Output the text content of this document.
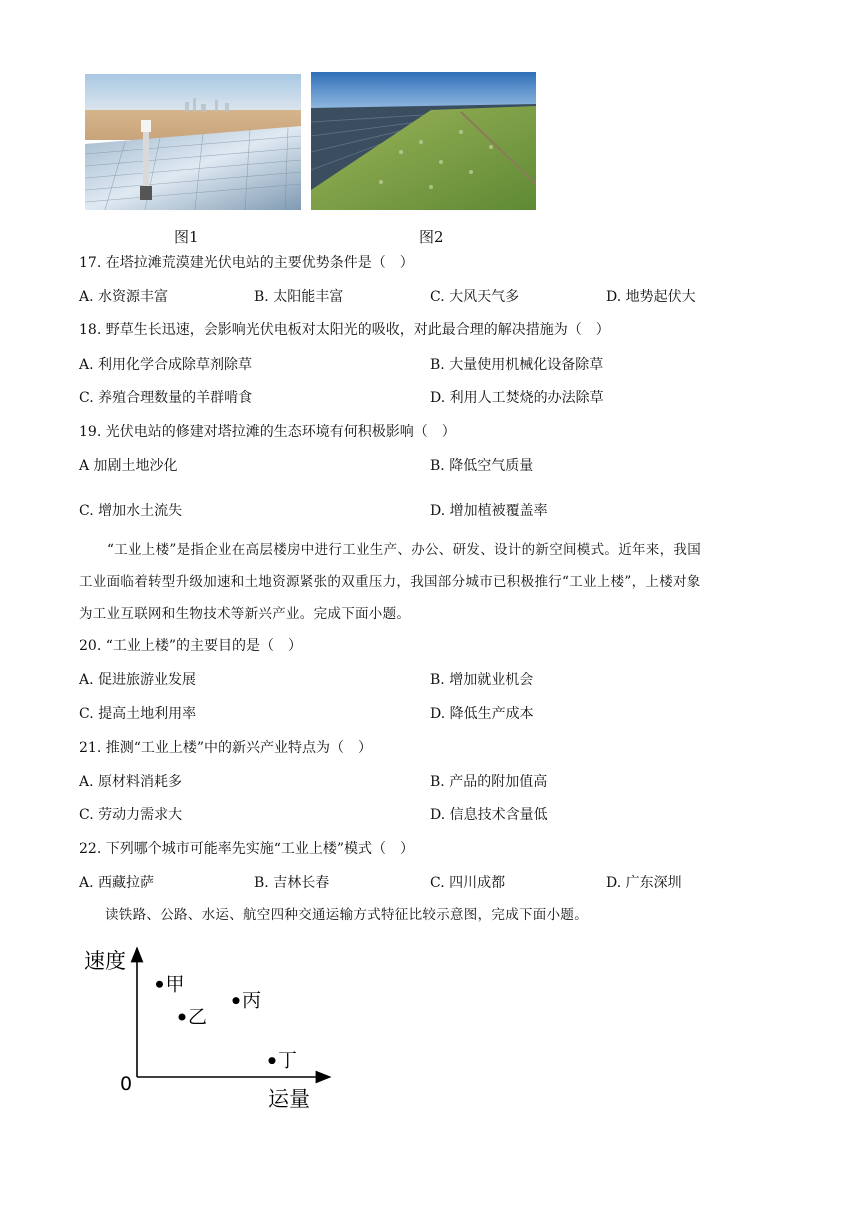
图1	图2
17. 在塔拉滩荒漠建光伏电站的主要优势条件是（　）
A. 水资源丰富	B. 太阳能丰富	C. 大风天气多	D. 地势起伏大
18. 野草生长迅速，会影响光伏电板对太阳光的吸收，对此最合理的解决措施为（　）
A. 利用化学合成除草剂除草	B. 大量使用机械化设备除草
C. 养殖合理数量的羊群啃食	D. 利用人工焚烧的办法除草
19. 光伏电站的修建对塔拉滩的生态环境有何积极影响（　）
A 加剧土地沙化	B. 降低空气质量
C. 增加水土流失	D. 增加植被覆盖率
“工业上楼”是指企业在高层楼房中进行工业生产、办公、研发、设计的新空间模式。近年来，我国
工业面临着转型升级加速和土地资源紧张的双重压力，我国部分城市已积极推行“工业上楼”，上楼对象
为工业互联网和生物技术等新兴产业。完成下面小题。
20. “工业上楼”的主要目的是（　）
A. 促进旅游业发展	B. 增加就业机会
C. 提高土地利用率	D. 降低生产成本
21. 推测“工业上楼”中的新兴产业特点为（　）
A. 原材料消耗多	B. 产品的附加值高
C. 劳动力需求大	D. 信息技术含量低
22. 下列哪个城市可能率先实施“工业上楼”模式（　）
A. 西藏拉萨	B. 吉林长春	C. 四川成都	D. 广东深圳
读铁路、公路、水运、航空四种交通运输方式特征比较示意图，完成下面小题。
速度
运量
0
甲
乙
丙
丁
